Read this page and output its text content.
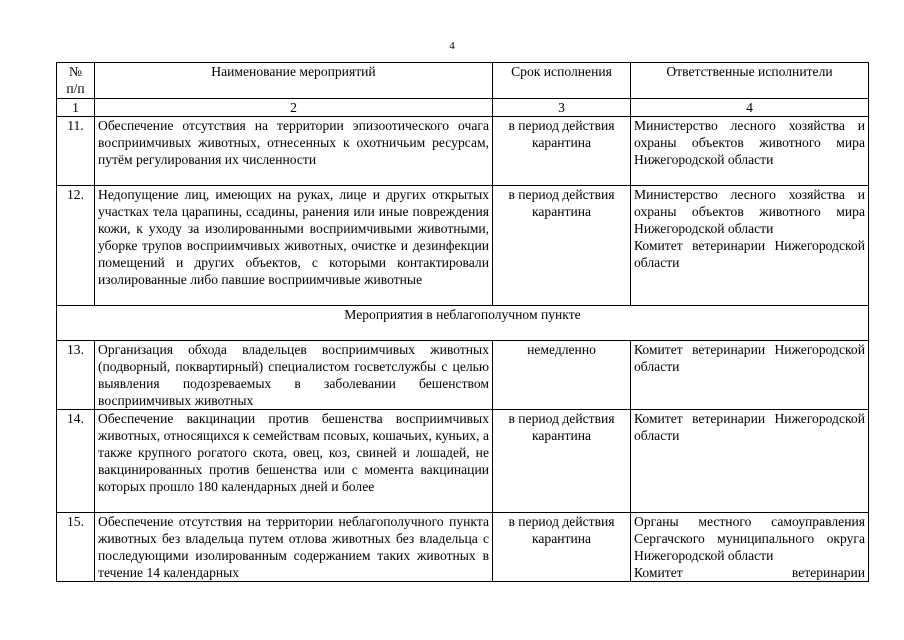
4
№
п/п	Наименование мероприятий	Срок исполнения	Ответственные исполнители
1	2	3	4
11.	Обеспечение отсутствия на территории эпизоотического очага восприимчивых животных, отнесенных к охотничьим ресурсам, путём регулирования их численности	в период действия карантина	Министерство лесного хозяйства и охраны объектов животного мира Нижегородской области
12.	Недопущение лиц, имеющих на руках, лице и других открытых участках тела царапины, ссадины, ранения или иные повреждения кожи, к уходу за изолированными восприимчивыми животными, уборке трупов восприимчивых животных, очистке и дезинфекции помещений и других объектов, с которыми контактировали изолированные либо павшие восприимчивые животные	в период действия карантина	Министерство лесного хозяйства и охраны объектов животного мира Нижегородской области
Комитет ветеринарии Нижегородской области

Мероприятия в неблагополучном пункте			
13.	Организация обхода владельцев восприимчивых животных (подворный, поквартирный) специалистом госветслужбы с целью выявления подозреваемых в заболевании бешенством восприимчивых животных	немедленно	Комитет ветеринарии Нижегородской области
14.	Обеспечение вакцинации против бешенства восприимчивых животных, относящихся к семействам псовых, кошачьих, куньих, а также крупного рогатого скота, овец, коз, свиней и лошадей, не вакцинированных против бешенства или с момента вакцинации которых прошло 180 календарных дней и более	в период действия карантина	Комитет ветеринарии Нижегородской области
15.	Обеспечение отсутствия на территории неблагополучного пункта животных без владельца путем отлова животных без владельца с последующими изолированным содержанием таких животных в течение 14 календарных	в период действия карантина	Органы местного самоуправления Сергачского муниципального округа Нижегородской области
Комитет ветеринарии
